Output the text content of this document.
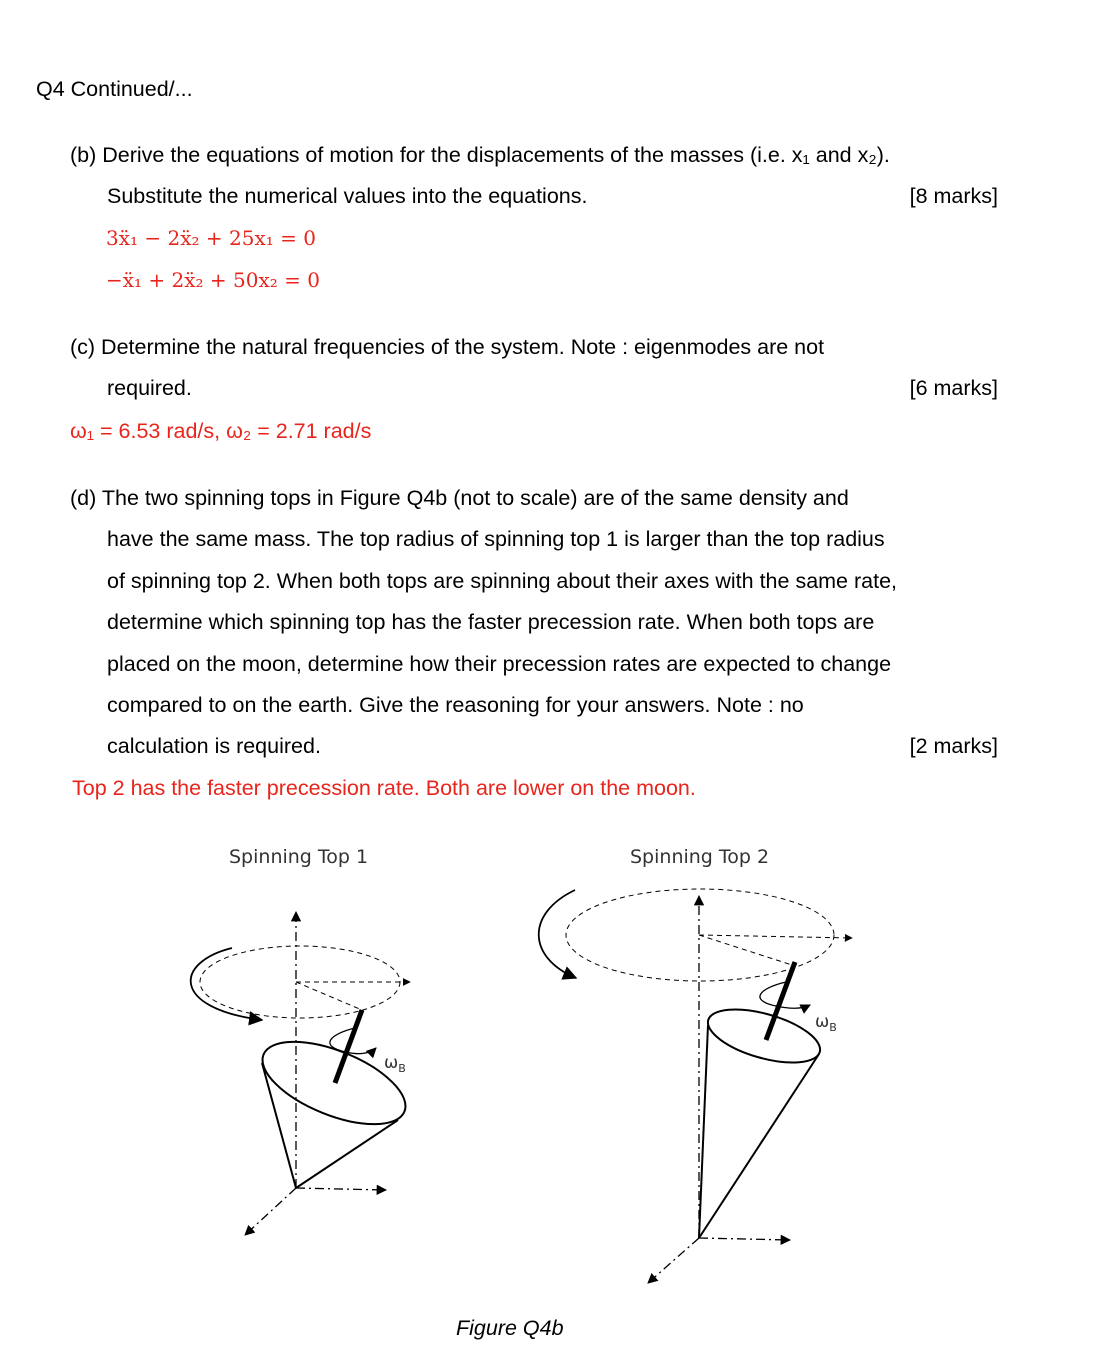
Q4 Continued/...
(b) Derive the equations of motion for the displacements of the masses (i.e. x₁ and x₂).
Substitute the numerical values into the equations.	[8 marks]
3ẍ₁ − 2ẍ₂ + 25x₁ = 0
−ẍ₁ + 2ẍ₂ + 50x₂ = 0
(c) Determine the natural frequencies of the system. Note : eigenmodes are not
required.	[6 marks]
ω₁ = 6.53 rad/s, ω₂ = 2.71 rad/s
(d) The two spinning tops in Figure Q4b (not to scale) are of the same density and
have the same mass. The top radius of spinning top 1 is larger than the top radius
of spinning top 2. When both tops are spinning about their axes with the same rate,
determine which spinning top has the faster precession rate. When both tops are
placed on the moon, determine how their precession rates are expected to change
compared to on the earth. Give the reasoning for your answers. Note : no
calculation is required.	[2 marks]
Top 2 has the faster precession rate. Both are lower on the moon.
Spinning Top 1	Spinning Top 2
Figure Q4b
$\omega_B$
$\omega_B$
